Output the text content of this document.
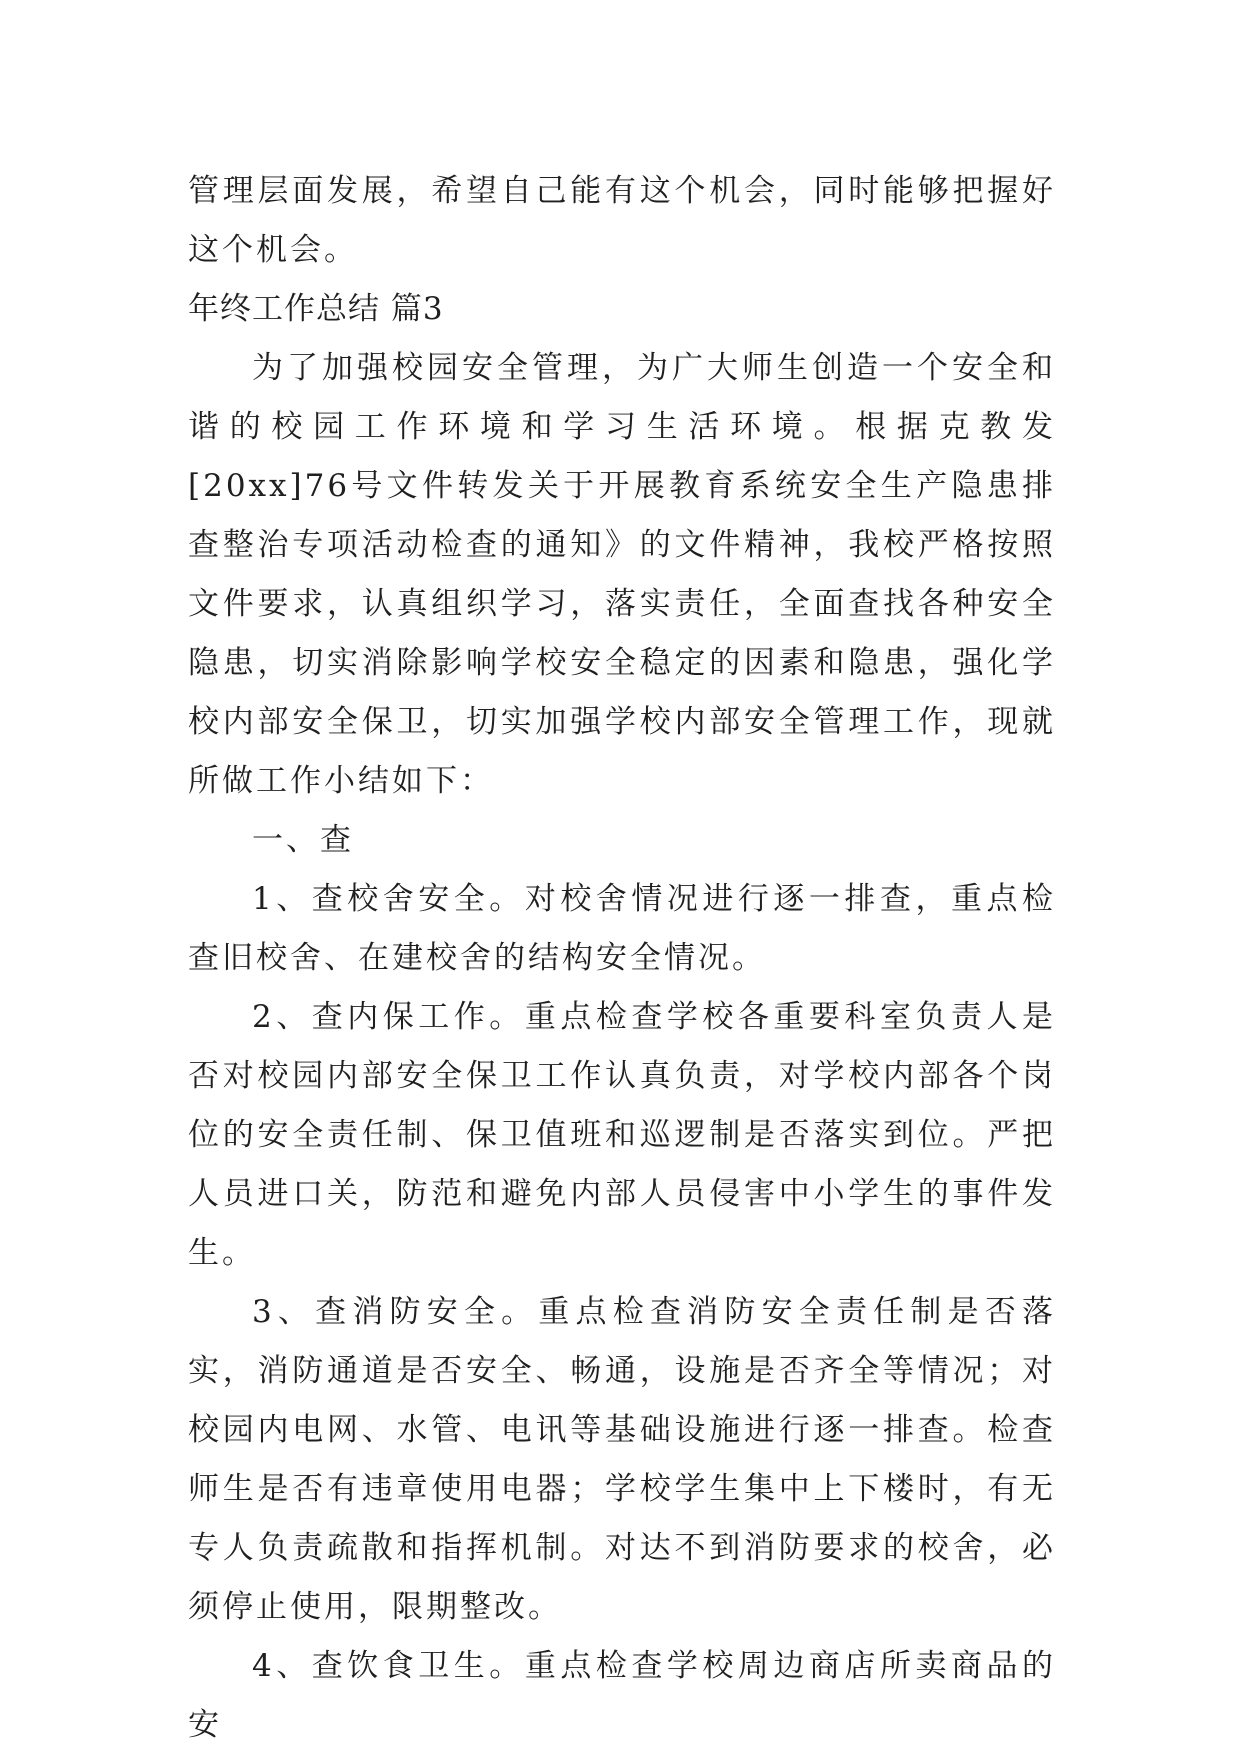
管理层面发展，希望自己能有这个机会，同时能够把握好这个机会。

年终工作总结 篇3

为了加强校园安全管理，为广大师生创造一个安全和谐的校园工作环境和学习生活环境。根据克教发[20xx]76号文件转发关于开展教育系统安全生产隐患排查整治专项活动检查的通知》的文件精神，我校严格按照文件要求，认真组织学习，落实责任，全面查找各种安全隐患，切实消除影响学校安全稳定的因素和隐患，强化学校内部安全保卫，切实加强学校内部安全管理工作，现就所做工作小结如下：

一、查

1、查校舍安全。对校舍情况进行逐一排查，重点检查旧校舍、在建校舍的结构安全情况。

2、查内保工作。重点检查学校各重要科室负责人是否对校园内部安全保卫工作认真负责，对学校内部各个岗位的安全责任制、保卫值班和巡逻制是否落实到位。严把人员进口关，防范和避免内部人员侵害中小学生的事件发生。

3、查消防安全。重点检查消防安全责任制是否落实，消防通道是否安全、畅通，设施是否齐全等情况；对校园内电网、水管、电讯等基础设施进行逐一排查。检查师生是否有违章使用电器；学校学生集中上下楼时，有无专人负责疏散和指挥机制。对达不到消防要求的校舍，必须停止使用，限期整改。

4、查饮食卫生。重点检查学校周边商店所卖商品的安
